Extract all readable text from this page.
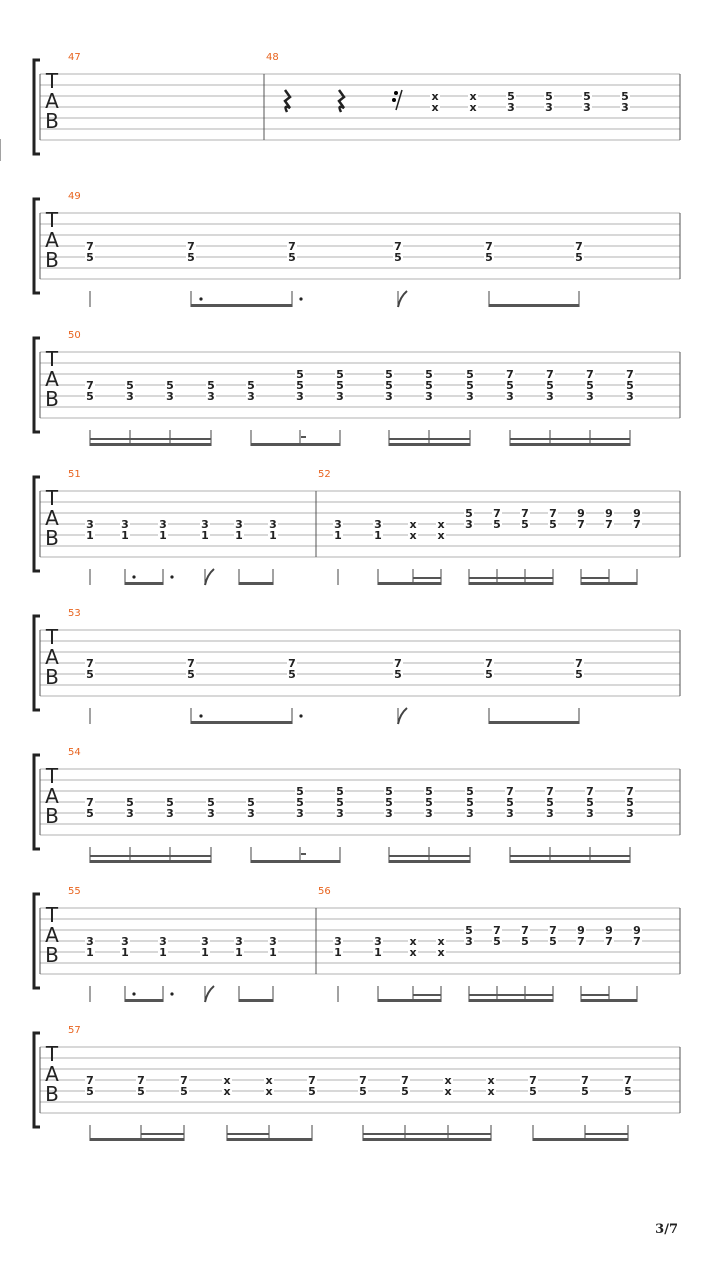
T
A
B
47	48
x
x
x
x
5
3
5
3
5
3
5
3
T
A
B
49
7
5
7
5
7
5
7
5
7
5
7
5
T
A
B
50
7
5
5
3
5
3
5
3
5
3
5
5
3
5
5
3
5
5
3
5
5
3
5
5
3
7
5
3
7
5
3
7
5
3
7
5
3
T
A
B
51
3
1
3
1
3
1
3
1
3
1
3
1
52
3
1
3
1
x
x
x
x
5
3
7
5
7
5
7
5
9
7
9
7
9
7
T
A
B
53
7
5
7
5
7
5
7
5
7
5
7
5
T
A
B
54
7
5
5
3
5
3
5
3
5
3
5
5
3
5
5
3
5
5
3
5
5
3
5
5
3
7
5
3
7
5
3
7
5
3
7
5
3
T
A
B
55
3
1
3
1
3
1
3
1
3
1
3
1
56
3
1
3
1
x
x
x
x
5
3
7
5
7
5
7
5
9
7
9
7
9
7
T
A
B
57
7
5
7
5
7
5
x
x
x
x
7
5
7
5
7
5
x
x
x
x
7
5
7
5
7
5
3/7
